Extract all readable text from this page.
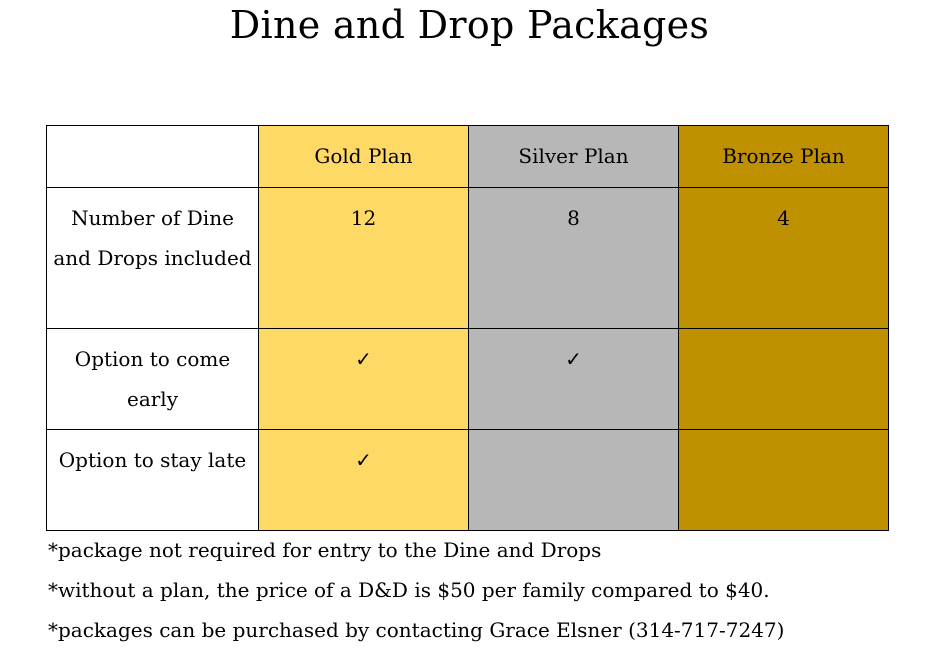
Dine and Drop Packages
	Gold Plan	Silver Plan	Bronze Plan
Number of Dine and Drops included	12	8	4
Option to come early	✓	✓	
Option to stay late	✓		
*package not required for entry to the Dine and Drops
*without a plan, the price of a D&D is $50 per family compared to $40.
*packages can be purchased by contacting Grace Elsner (314-717-7247)
